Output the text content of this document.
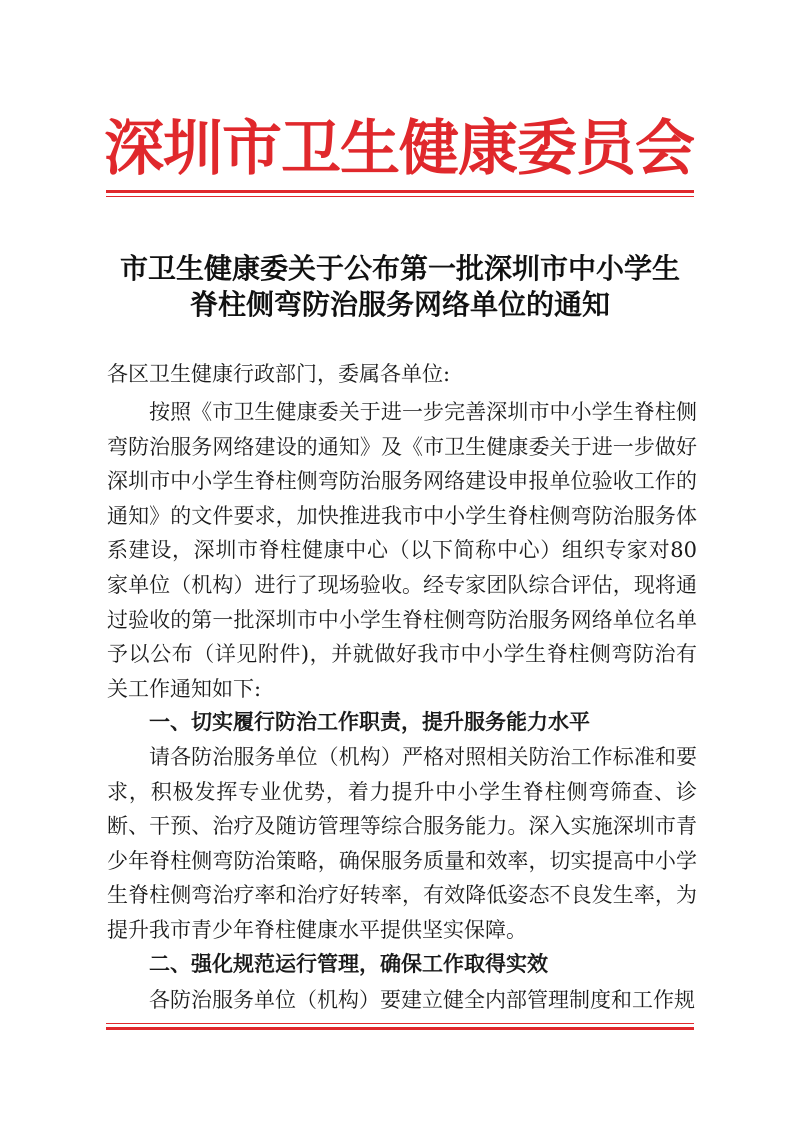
深圳市卫生健康委员会
市卫生健康委关于公布第一批深圳市中小学生
脊柱侧弯防治服务网络单位的通知

各区卫生健康行政部门，委属各单位:

按照《市卫生健康委关于进一步完善深圳市中小学生脊柱侧弯防治服务网络建设的通知》及《市卫生健康委关于进一步做好深圳市中小学生脊柱侧弯防治服务网络建设申报单位验收工作的通知》的文件要求，加快推进我市中小学生脊柱侧弯防治服务体系建设，深圳市脊柱健康中心（以下简称中心）组织专家对80家单位（机构）进行了现场验收。经专家团队综合评估，现将通过验收的第一批深圳市中小学生脊柱侧弯防治服务网络单位名单予以公布（详见附件)，并就做好我市中小学生脊柱侧弯防治有关工作通知如下:

一、切实履行防治工作职责，提升服务能力水平

请各防治服务单位（机构）严格对照相关防治工作标准和要求，积极发挥专业优势，着力提升中小学生脊柱侧弯筛查、诊断、干预、治疗及随访管理等综合服务能力。深入实施深圳市青少年脊柱侧弯防治策略，确保服务质量和效率，切实提高中小学生脊柱侧弯治疗率和治疗好转率，有效降低姿态不良发生率，为提升我市青少年脊柱健康水平提供坚实保障。

二、强化规范运行管理，确保工作取得实效

各防治服务单位（机构）要建立健全内部管理制度和工作规
